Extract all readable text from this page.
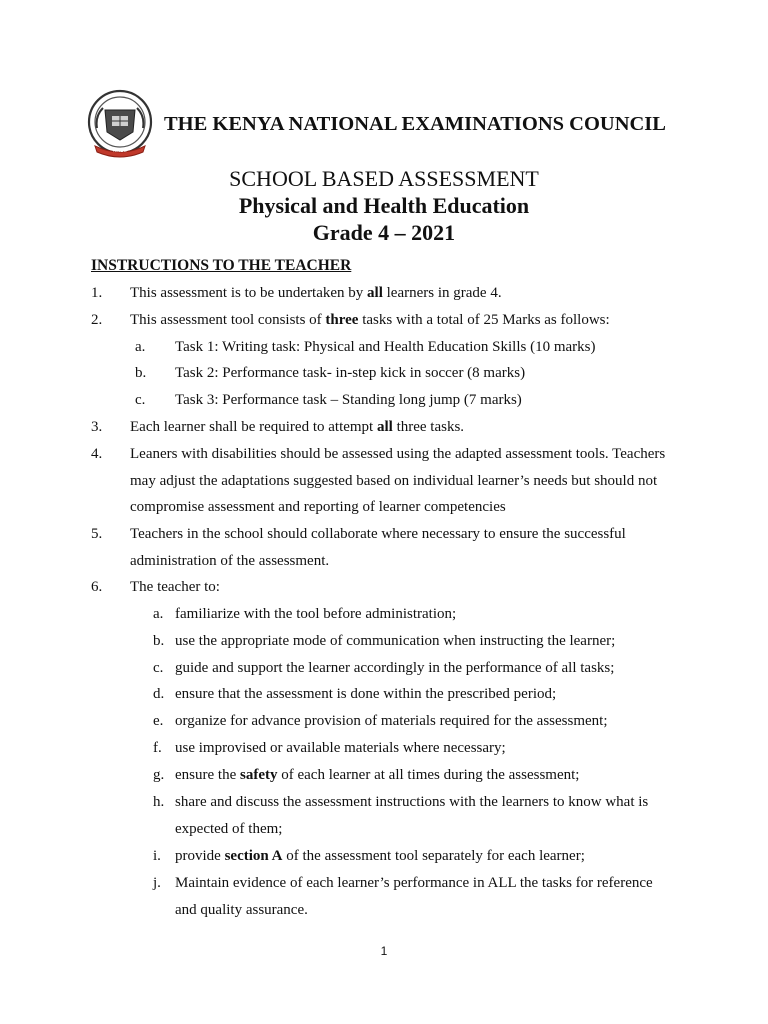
KNEC
THE KENYA NATIONAL EXAMINATIONS COUNCIL
SCHOOL BASED ASSESSMENT
Physical and Health Education
Grade 4 – 2021
INSTRUCTIONS TO THE TEACHER
1. This assessment is to be undertaken by all learners in grade 4.
2. This assessment tool consists of three tasks with a total of 25 Marks as follows:
a. Task 1: Writing task: Physical and Health Education Skills (10 marks)
b. Task 2: Performance task- in-step kick in soccer (8 marks)
c. Task 3: Performance task – Standing long jump (7 marks)
3. Each learner shall be required to attempt all three tasks.
4. Leaners with disabilities should be assessed using the adapted assessment tools. Teachers
may adjust the adaptations suggested based on individual learner’s needs but should not
compromise assessment and reporting of learner competencies
5. Teachers in the school should collaborate where necessary to ensure the successful
administration of the assessment.
6. The teacher to:
a. familiarize with the tool before administration;
b. use the appropriate mode of communication when instructing the learner;
c. guide and support the learner accordingly in the performance of all tasks;
d. ensure that the assessment is done within the prescribed period;
e. organize for advance provision of materials required for the assessment;
f. use improvised or available materials where necessary;
g. ensure the safety of each learner at all times during the assessment;
h. share and discuss the assessment instructions with the learners to know what is
expected of them;
i. provide section A of the assessment tool separately for each learner;
j. Maintain evidence of each learner’s performance in ALL the tasks for reference
and quality assurance.
1
